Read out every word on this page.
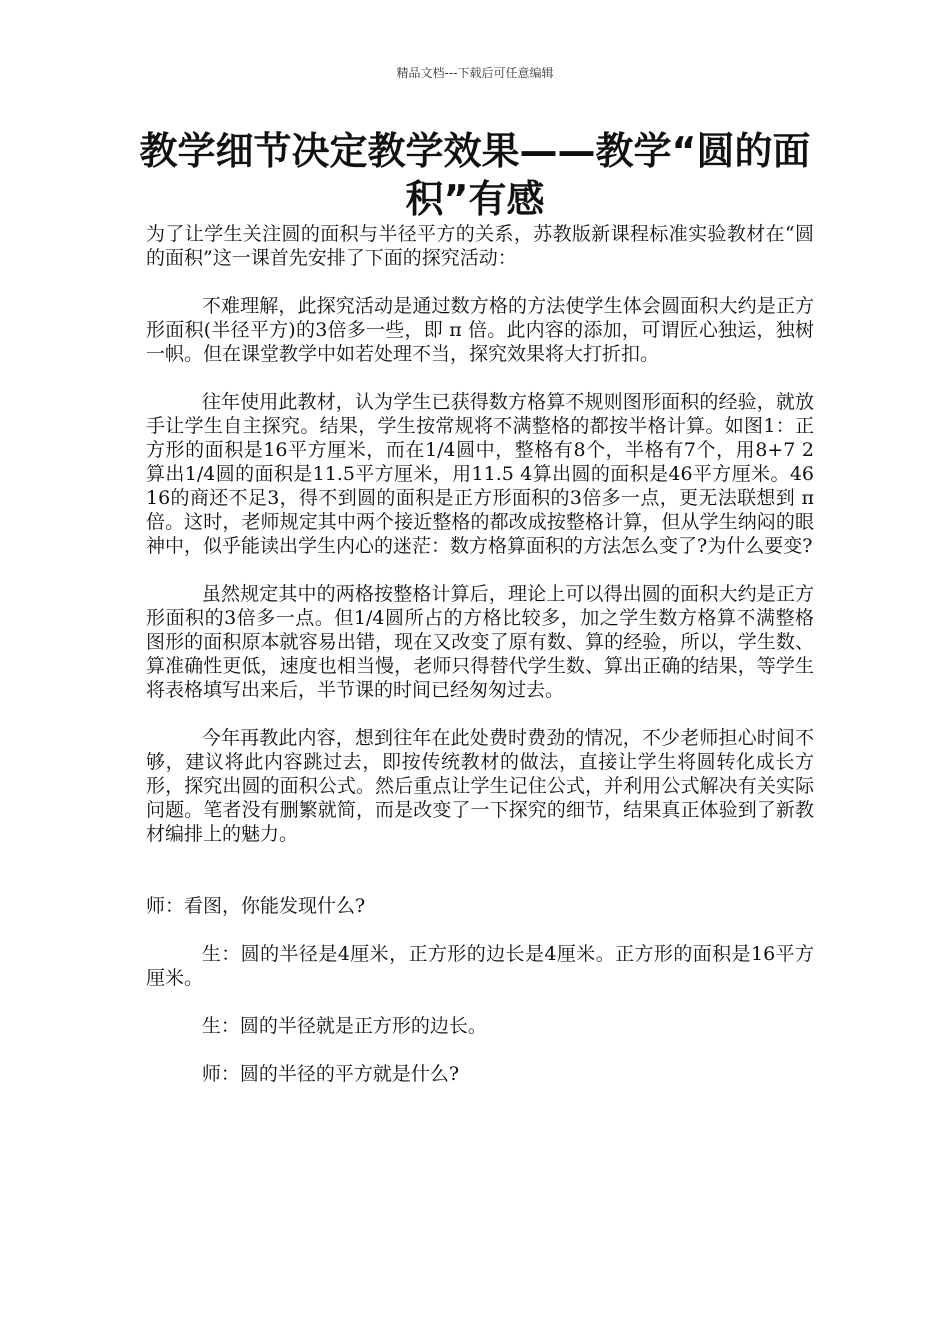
精品文档---下载后可任意编辑
教学细节决定教学效果——教学“圆的面积”有感

为了让学生关注圆的面积与半径平方的关系，苏教版新课程标准实验教材在“圆的面积”这一课首先安排了下面的探究活动：

不难理解，此探究活动是通过数方格的方法使学生体会圆面积大约是正方形面积(半径平方)的3倍多一些，即 π 倍。此内容的添加，可谓匠心独运，独树一帜。但在课堂教学中如若处理不当，探究效果将大打折扣。

往年使用此教材，认为学生已获得数方格算不规则图形面积的经验，就放手让学生自主探究。结果，学生按常规将不满整格的都按半格计算。如图1：正方形的面积是16平方厘米，而在1/4圆中，整格有8个，半格有7个，用8+7 2算出1/4圆的面积是11.5平方厘米，用11.5 4算出圆的面积是46平方厘米。46 16的商还不足3，得不到圆的面积是正方形面积的3倍多一点，更无法联想到 π 倍。这时，老师规定其中两个接近整格的都改成按整格计算，但从学生纳闷的眼神中，似乎能读出学生内心的迷茫：数方格算面积的方法怎么变了?为什么要变?

虽然规定其中的两格按整格计算后，理论上可以得出圆的面积大约是正方形面积的3倍多一点。但1/4圆所占的方格比较多，加之学生数方格算不满整格图形的面积原本就容易出错，现在又改变了原有数、算的经验，所以，学生数、算准确性更低，速度也相当慢，老师只得替代学生数、算出正确的结果，等学生将表格填写出来后，半节课的时间已经匆匆过去。

今年再教此内容，想到往年在此处费时费劲的情况，不少老师担心时间不够，建议将此内容跳过去，即按传统教材的做法，直接让学生将圆转化成长方形，探究出圆的面积公式。然后重点让学生记住公式，并利用公式解决有关实际问题。笔者没有删繁就简，而是改变了一下探究的细节，结果真正体验到了新教材编排上的魅力。

师：看图，你能发现什么?

生：圆的半径是4厘米，正方形的边长是4厘米。正方形的面积是16平方厘米。

生：圆的半径就是正方形的边长。

师：圆的半径的平方就是什么?
